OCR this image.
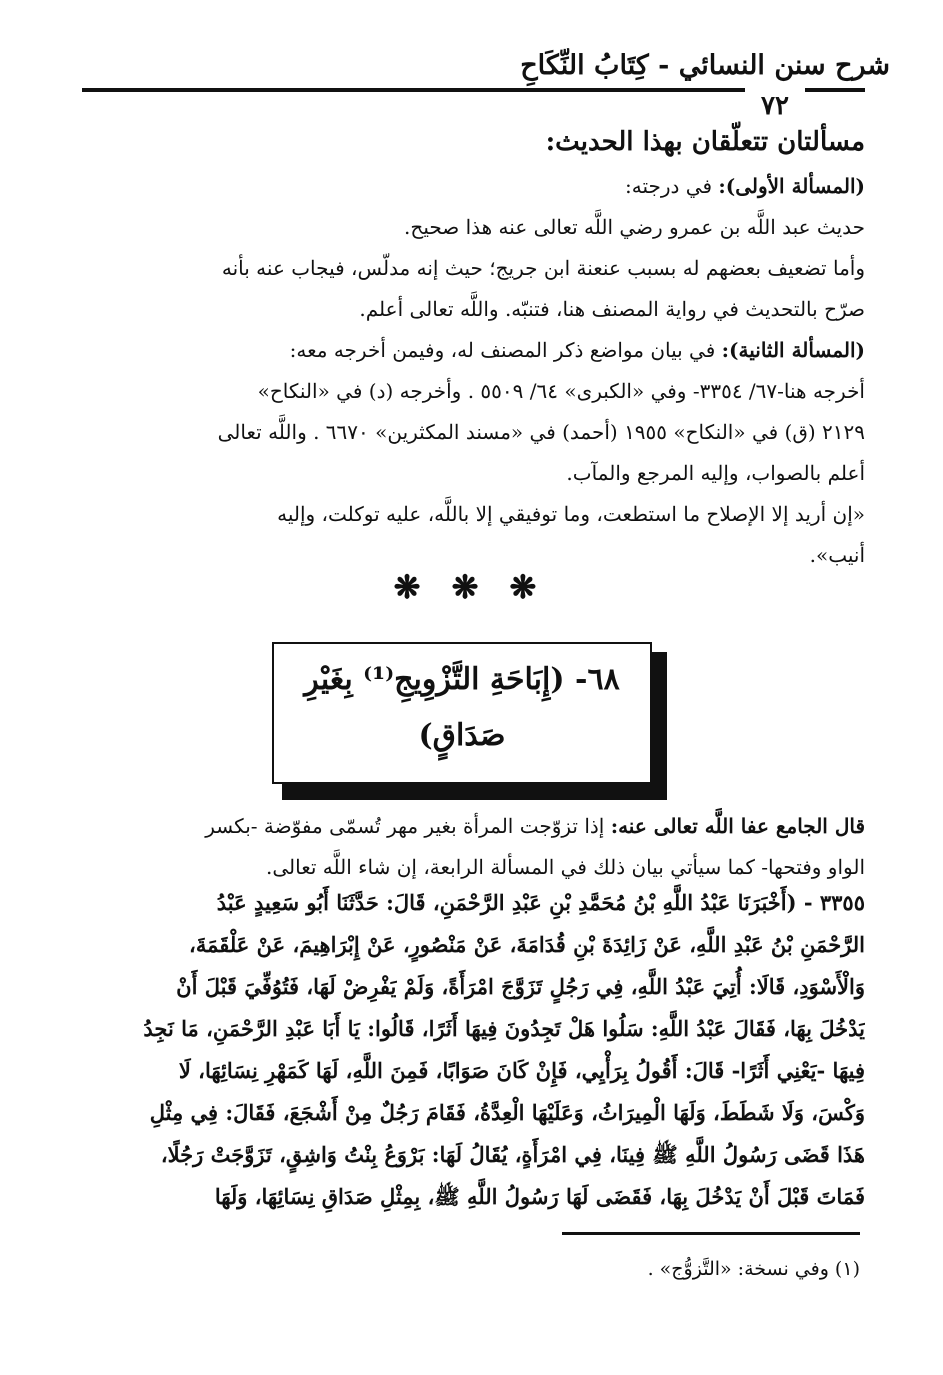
شرح سنن النسائي - كِتَابُ النِّكَاحِ
٧٢
مسألتان تتعلّقان بهذا الحديث:
(المسألة الأولى): في درجته:
حديث عبد اللَّه بن عمرو رضي اللَّه تعالى عنه هذا صحيح.
وأما تضعيف بعضهم له بسبب عنعنة ابن جريج؛ حيث إنه مدلّس، فيجاب عنه بأنه
صرّح بالتحديث في رواية المصنف هنا، فتنبّه. واللَّه تعالى أعلم.
(المسألة الثانية): في بيان مواضع ذكر المصنف له، وفيمن أخرجه معه:
أخرجه هنا-٦٧/ ٣٣٥٤- وفي «الكبرى» ٦٤/ ٥٥٠٩ . وأخرجه (د) في «النكاح»
٢١٢٩ (ق) في «النكاح» ١٩٥٥ (أحمد) في «مسند المكثرين» ٦٦٧٠ . واللَّه تعالى
أعلم بالصواب، وإليه المرجع والمآب.
«إن أريد إلا الإصلاح ما استطعت، وما توفيقي إلا باللَّه، عليه توكلت، وإليه
أنيب».
❋ ❋ ❋
٦٨- (إِبَاحَةِ التَّزْوِيجِ⁽¹⁾ بِغَيْرِ
صَدَاقٍ)
قال الجامع عفا اللَّه تعالى عنه: إذا تزوّجت المرأة بغير مهر تُسمّى مفوّضة -بكسر
الواو وفتحها- كما سيأتي بيان ذلك في المسألة الرابعة، إن شاء اللَّه تعالى.
٣٣٥٥ - (أَخْبَرَنَا عَبْدُ اللَّهِ بْنُ مُحَمَّدِ بْنِ عَبْدِ الرَّحْمَنِ، قَالَ: حَدَّثَنَا أَبُو سَعِيدٍ عَبْدُ
الرَّحْمَنِ بْنُ عَبْدِ اللَّهِ، عَنْ زَائِدَةَ بْنِ قُدَامَةَ، عَنْ مَنْصُورٍ، عَنْ إِبْرَاهِيمَ، عَنْ عَلْقَمَةَ،
وَالْأَسْوَدِ، قَالَا: أُتِيَ عَبْدُ اللَّهِ، فِي رَجُلٍ تَزَوَّجَ امْرَأَةً، وَلَمْ يَفْرِضْ لَهَا، فَتُوُفِّيَ قَبْلَ أَنْ
يَدْخُلَ بِهَا، فَقَالَ عَبْدُ اللَّهِ: سَلُوا هَلْ تَجِدُونَ فِيهَا أَثَرًا، قَالُوا: يَا أَبَا عَبْدِ الرَّحْمَنِ، مَا نَجِدُ
فِيهَا -يَعْنِي أَثَرًا- قَالَ: أَقُولُ بِرَأْيِي، فَإِنْ كَانَ صَوَابًا، فَمِنَ اللَّهِ، لَهَا كَمَهْرِ نِسَائِهَا، لَا
وَكْسَ، وَلَا شَطَطَ، وَلَهَا الْمِيرَاثُ، وَعَلَيْهَا الْعِدَّةُ، فَقَامَ رَجُلٌ مِنْ أَشْجَعَ، فَقَالَ: فِي مِثْلِ
هَذَا قَضَى رَسُولُ اللَّهِ ﷺ فِينَا، فِي امْرَأَةٍ، يُقَالُ لَهَا: بَرْوَعُ بِنْتُ وَاشِقٍ، تَزَوَّجَتْ رَجُلًا،
فَمَاتَ قَبْلَ أَنْ يَدْخُلَ بِهَا، فَقَضَى لَهَا رَسُولُ اللَّهِ ﷺ، بِمِثْلِ صَدَاقِ نِسَائِهَا، وَلَهَا
(١) وفي نسخة: «التَّزوُّج» .
